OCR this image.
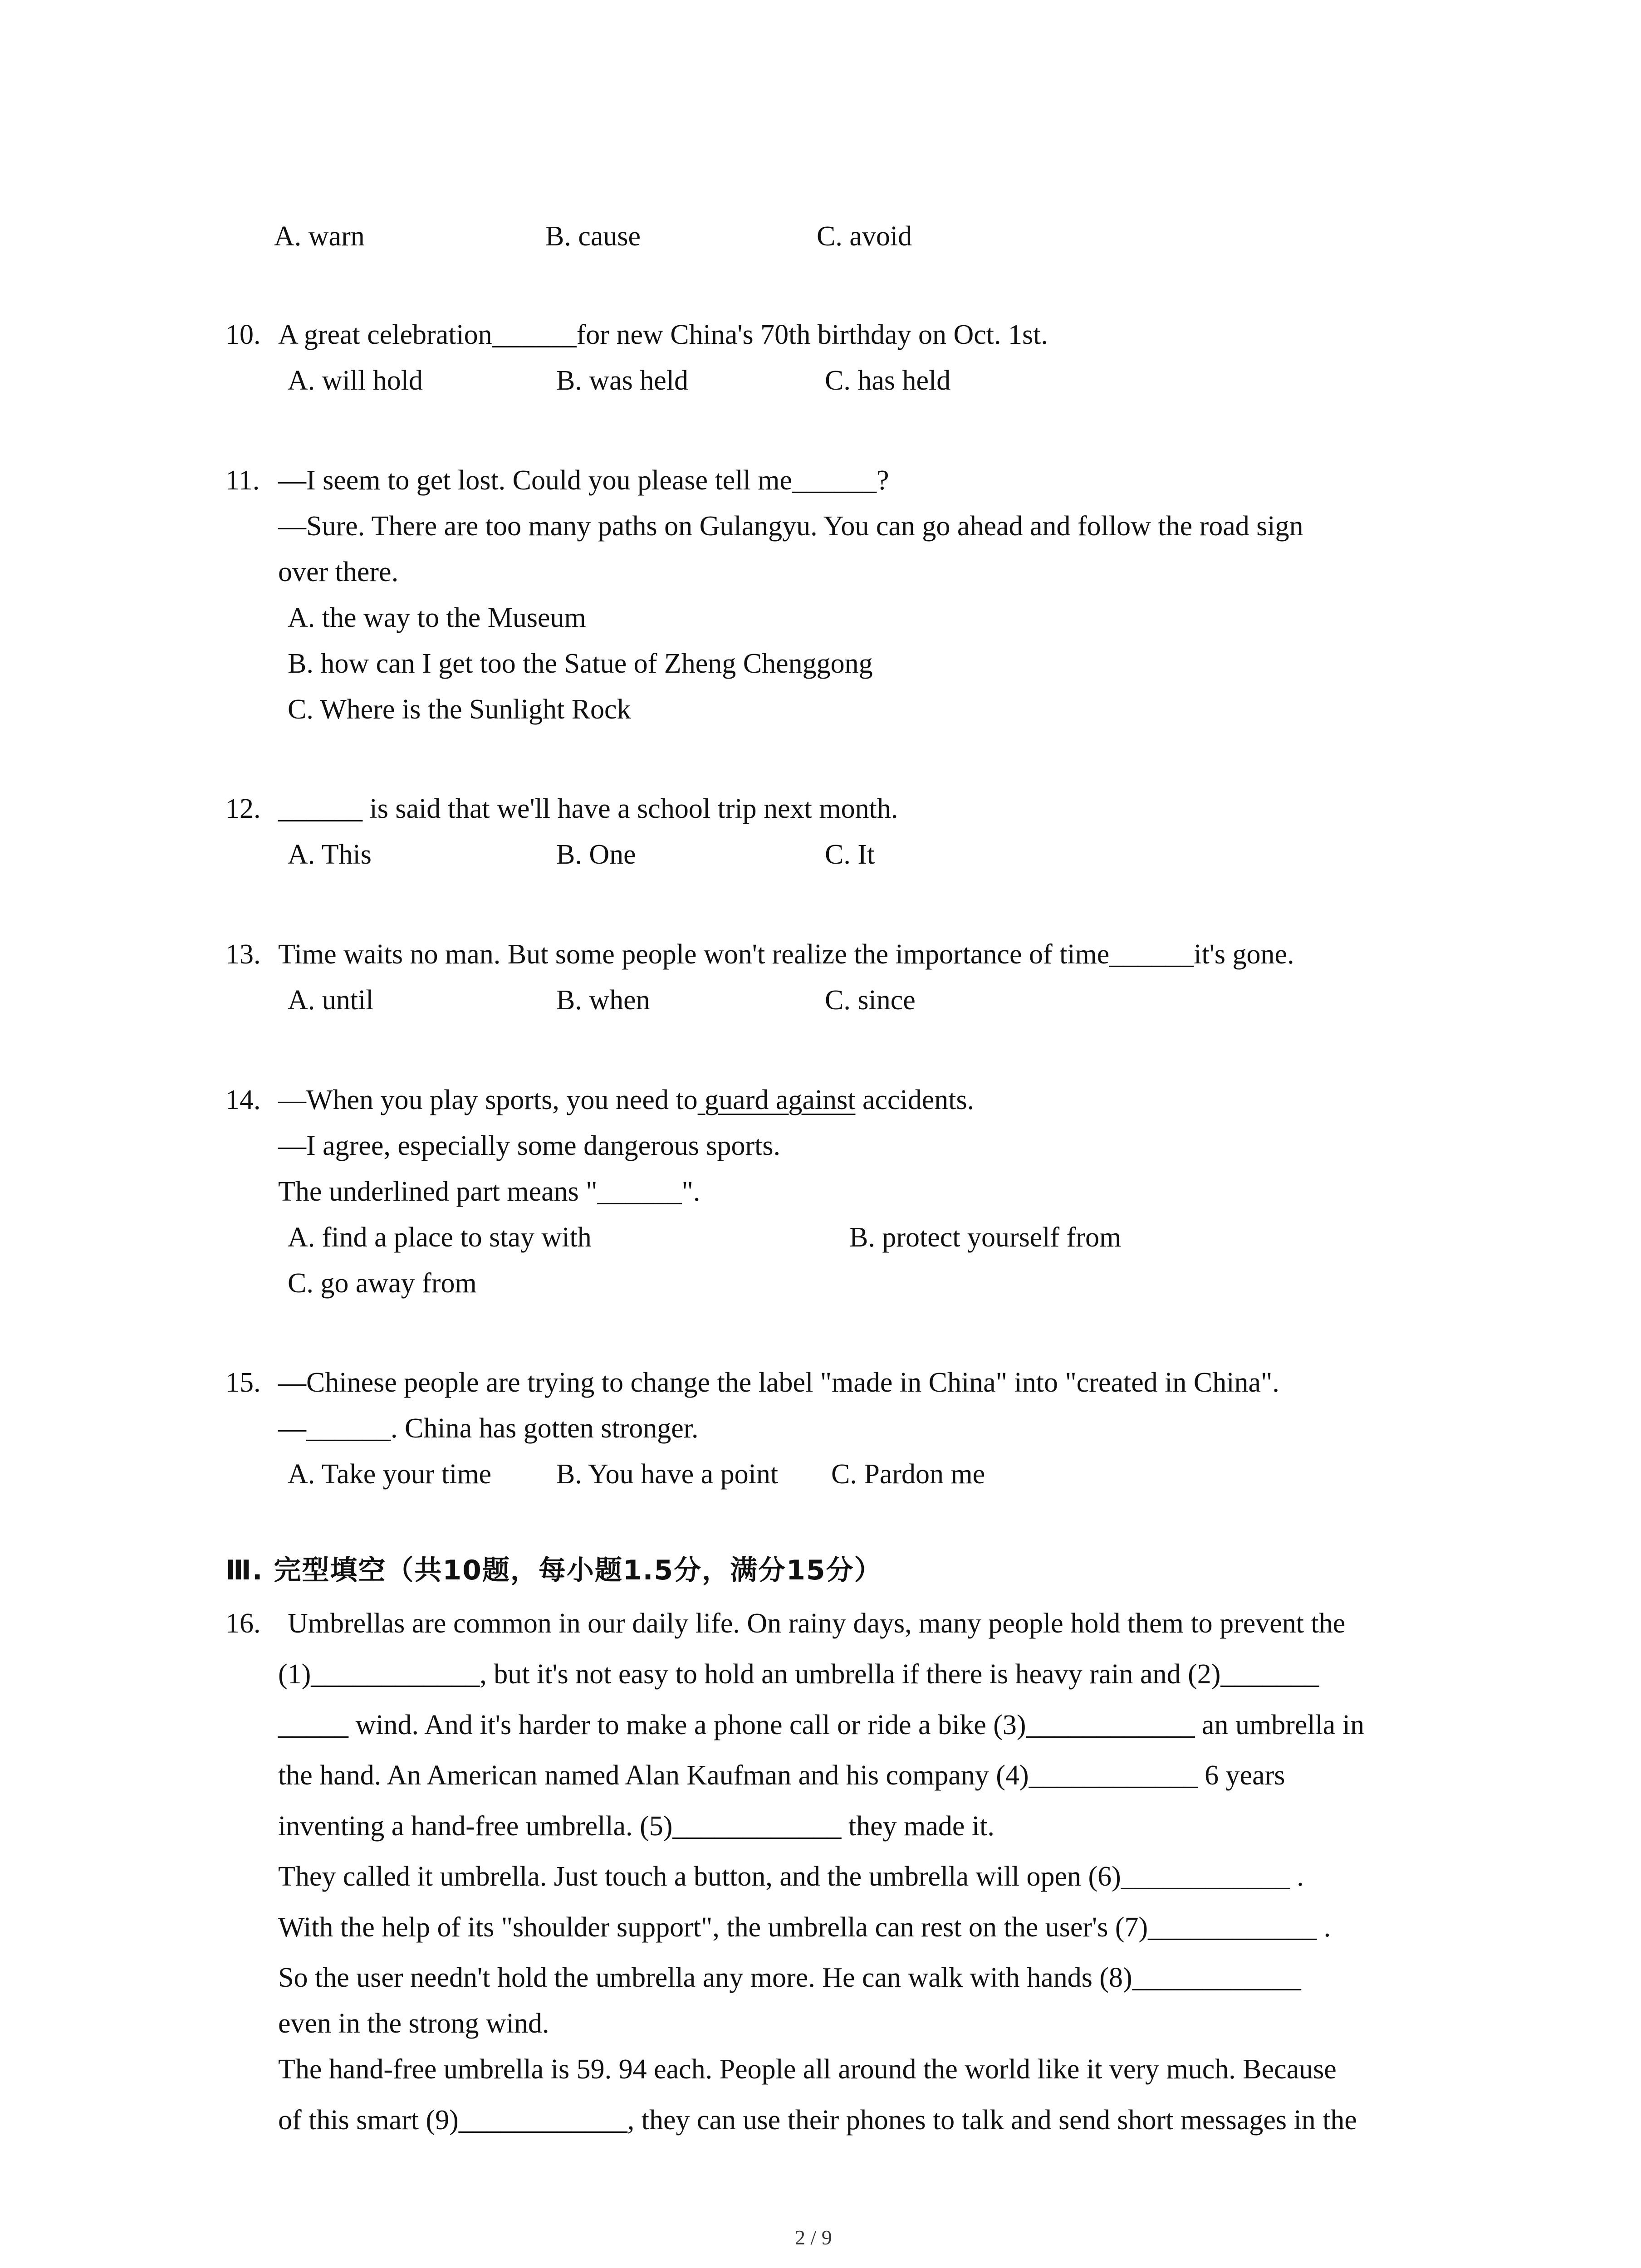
A. warn	B. cause	C. avoid
10. A great celebration______for new China's 70th birthday on Oct. 1st.
A. will hold	B. was held	C. has held
11. —I seem to get lost. Could you please tell me______?
—Sure. There are too many paths on Gulangyu. You can go ahead and follow the road sign
over there.
A. the way to the Museum
B. how can I get too the Satue of Zheng Chenggong
C. Where is the Sunlight Rock
12. ______ is said that we'll have a school trip next month.
A. This	B. One	C. It
13. Time waits no man. But some people won't realize the importance of time______it's gone.
A. until	B. when	C. since
14. —When you play sports, you need to guard against accidents.
—I agree, especially some dangerous sports.
The underlined part means "______".
A. find a place to stay with	B. protect yourself from
C. go away from
15. —Chinese people are trying to change the label "made in China" into "created in China".
—______. China has gotten stronger.
A. Take your time B. You have a point C. Pardon me
Ⅲ. 完型填空（共10题，每小题1.5分，满分15分）
16. Umbrellas are common in our daily life. On rainy days, many people hold them to prevent the
(1)____________, but it's not easy to hold an umbrella if there is heavy rain and (2)_______
_____ wind. And it's harder to make a phone call or ride a bike (3)____________ an umbrella in
the hand. An American named Alan Kaufman and his company (4)____________ 6 years
inventing a hand-free umbrella. (5)____________ they made it.
They called it umbrella. Just touch a button, and the umbrella will open (6)____________ .
With the help of its "shoulder support", the umbrella can rest on the user's (7)____________ .
So the user needn't hold the umbrella any more. He can walk with hands (8)____________
even in the strong wind.
The hand-free umbrella is 59. 94 each. People all around the world like it very much. Because
of this smart (9)____________, they can use their phones to talk and send short messages in the
2 / 9
